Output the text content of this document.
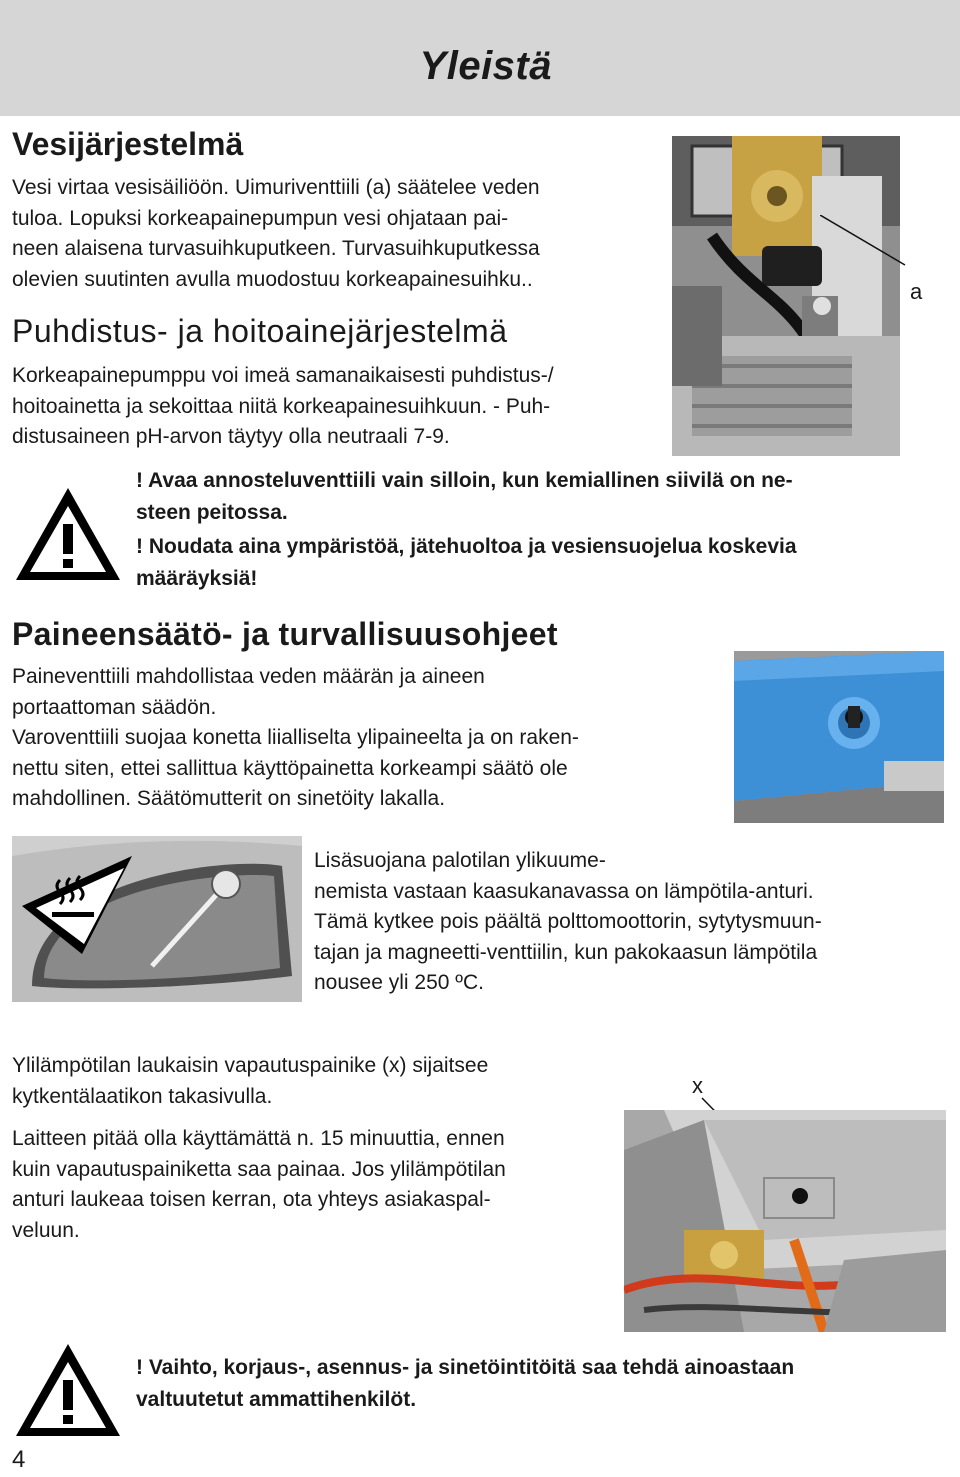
Yleistä
Vesijärjestelmä

Vesi virtaa vesisäiliöön. Uimuriventtiili (a) säätelee veden

tuloa. Lopuksi korkeapainepumpun vesi ohjataan pai-

neen alaisena turvasuihkuputkeen. Turvasuihkuputkessa

olevien suutinten avulla muodostuu korkeapainesuihku..

Puhdistus- ja hoitoainejärjestelmä

Korkeapainepumppu voi imeä samanaikaisesti puhdistus-/

hoitoainetta ja sekoittaa niitä korkeapainesuihkuun. - Puh-

distusaineen pH-arvon täytyy olla neutraali 7-9.

a

! Avaa annosteluventtiili vain silloin, kun kemiallinen siivilä on ne-

steen peitossa.

! Noudata aina ympäristöä, jätehuoltoa ja vesiensuojelua koskevia

määräyksiä!

Paineensäätö- ja turvallisuusohjeet

Paineventtiili mahdollistaa veden määrän ja aineen

portaattoman säädön.

Varoventtiili suojaa konetta liialliselta ylipaineelta ja on raken-

nettu siten, ettei sallittua käyttöpainetta korkeampi säätö ole

mahdollinen. Säätömutterit on sinetöity lakalla.

Lisäsuojana palotilan ylikuume-

nemista vastaan kaasukanavassa on lämpötila-anturi.

Tämä kytkee pois päältä polttomoottorin, sytytysmuun-

tajan ja magneetti-venttiilin, kun pakokaasun lämpötila

nousee yli 250 ºC.

Ylilämpötilan laukaisin vapautuspainike (x) sijaitsee

kytkentälaatikon takasivulla.

Laitteen pitää olla käyttämättä n. 15 minuuttia, ennen

kuin vapautuspainiketta saa painaa. Jos ylilämpötilan

anturi laukeaa toisen kerran, ota yhteys asiakaspal-

veluun.

x

! Vaihto, korjaus-, asennus- ja sinetöintitöitä saa tehdä ainoastaan

valtuutetut ammattihenkilöt.

4
